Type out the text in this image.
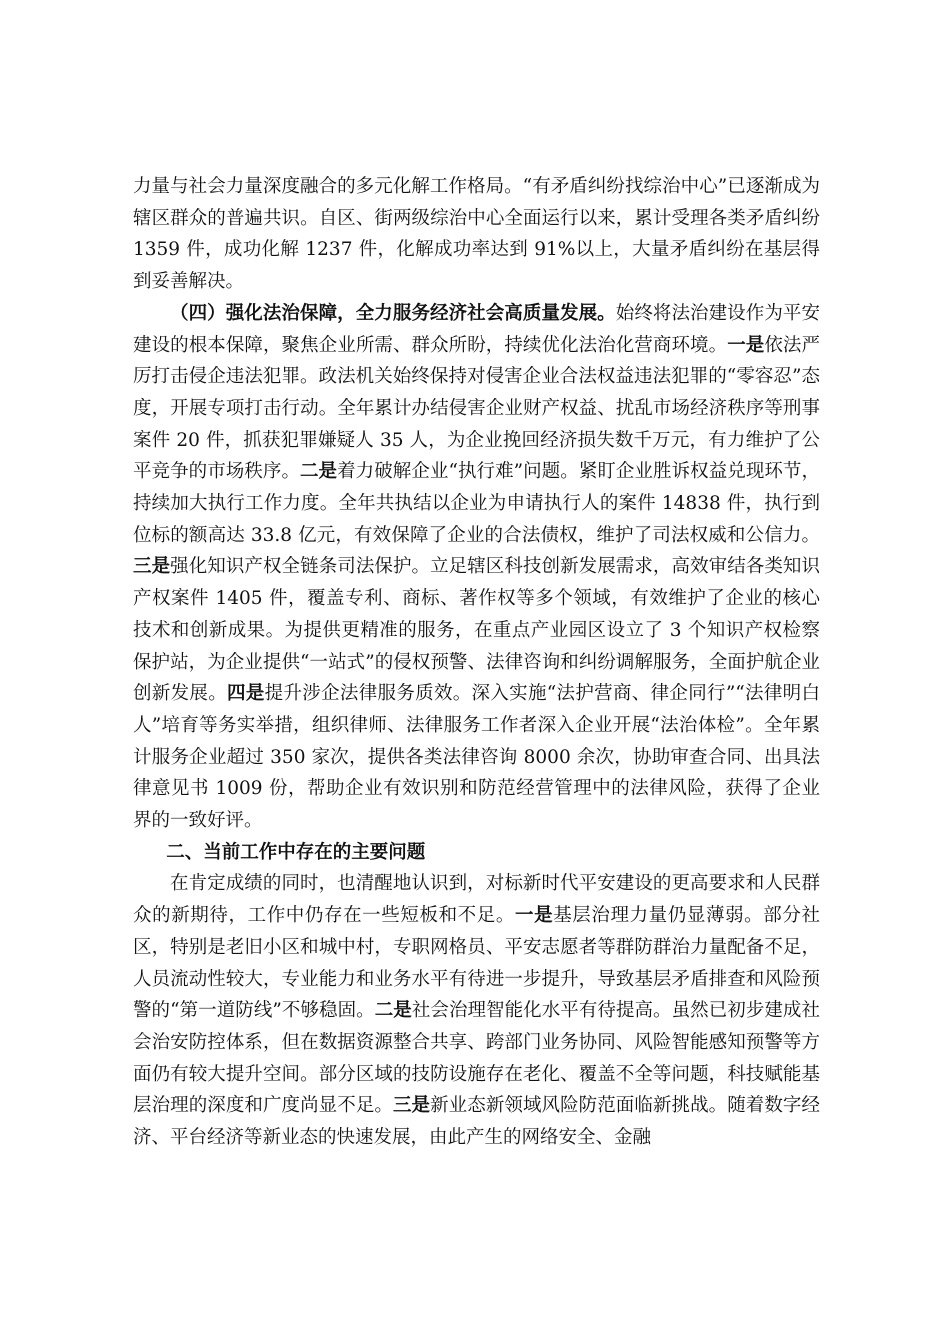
力量与社会力量深度融合的多元化解工作格局。“有矛盾纠纷找综治中心”已逐渐成为辖区群众的普遍共识。自区、街两级综治中心全面运行以来，累计受理各类矛盾纠纷 1359 件，成功化解 1237 件，化解成功率达到 91%以上，大量矛盾纠纷在基层得到妥善解决。

（四）强化法治保障，全力服务经济社会高质量发展。始终将法治建设作为平安建设的根本保障，聚焦企业所需、群众所盼，持续优化法治化营商环境。一是依法严厉打击侵企违法犯罪。政法机关始终保持对侵害企业合法权益违法犯罪的“零容忍”态度，开展专项打击行动。全年累计办结侵害企业财产权益、扰乱市场经济秩序等刑事案件 20 件，抓获犯罪嫌疑人 35 人，为企业挽回经济损失数千万元，有力维护了公平竞争的市场秩序。二是着力破解企业“执行难”问题。紧盯企业胜诉权益兑现环节，持续加大执行工作力度。全年共执结以企业为申请执行人的案件 14838 件，执行到位标的额高达 33.8 亿元，有效保障了企业的合法债权，维护了司法权威和公信力。三是强化知识产权全链条司法保护。立足辖区科技创新发展需求，高效审结各类知识产权案件 1405 件，覆盖专利、商标、著作权等多个领域，有效维护了企业的核心技术和创新成果。为提供更精准的服务，在重点产业园区设立了 3 个知识产权检察保护站，为企业提供“一站式”的侵权预警、法律咨询和纠纷调解服务，全面护航企业创新发展。四是提升涉企法律服务质效。深入实施“法护营商、律企同行”“法律明白人”培育等务实举措，组织律师、法律服务工作者深入企业开展“法治体检”。全年累计服务企业超过 350 家次，提供各类法律咨询 8000 余次，协助审查合同、出具法律意见书 1009 份，帮助企业有效识别和防范经营管理中的法律风险，获得了企业界的一致好评。

二、当前工作中存在的主要问题

在肯定成绩的同时，也清醒地认识到，对标新时代平安建设的更高要求和人民群众的新期待，工作中仍存在一些短板和不足。一是基层治理力量仍显薄弱。部分社区，特别是老旧小区和城中村，专职网格员、平安志愿者等群防群治力量配备不足，人员流动性较大，专业能力和业务水平有待进一步提升，导致基层矛盾排查和风险预警的“第一道防线”不够稳固。二是社会治理智能化水平有待提高。虽然已初步建成社会治安防控体系，但在数据资源整合共享、跨部门业务协同、风险智能感知预警等方面仍有较大提升空间。部分区域的技防设施存在老化、覆盖不全等问题，科技赋能基层治理的深度和广度尚显不足。三是新业态新领域风险防范面临新挑战。随着数字经济、平台经济等新业态的快速发展，由此产生的网络安全、金融
